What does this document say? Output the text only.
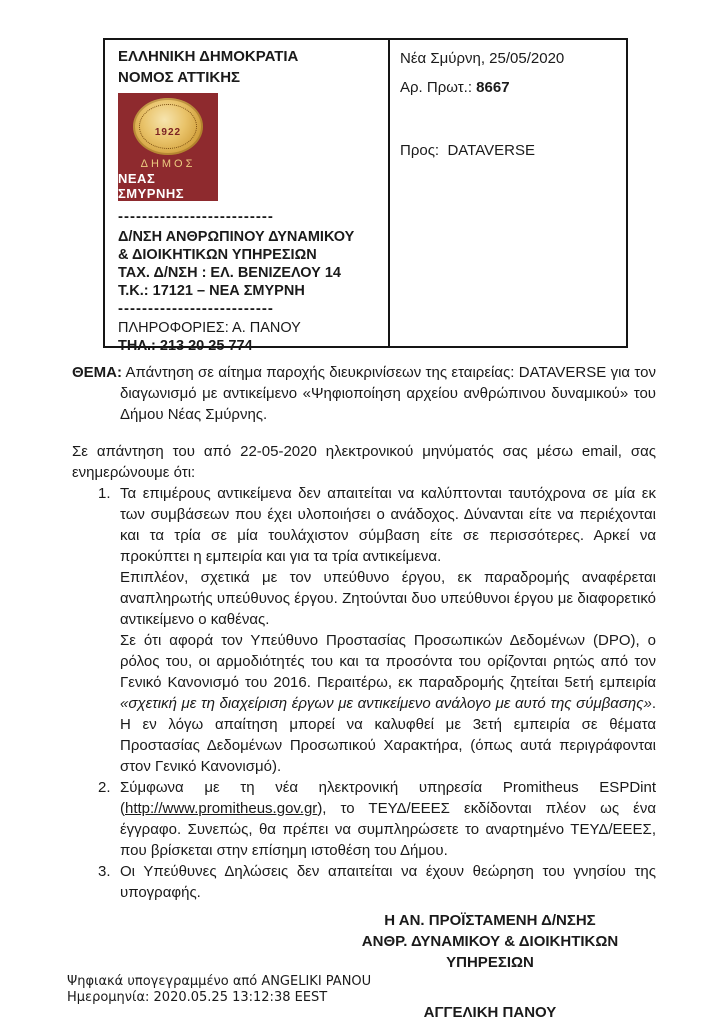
ΕΛΛΗΝΙΚΗ ΔΗΜΟΚΡΑΤΙΑ
ΝΟΜΟΣ ΑΤΤΙΚΗΣ
1922
ΔΗΜΟΣ
ΝΕΑΣ ΣΜΥΡΝΗΣ
--------------------------
Δ/ΝΣΗ ΑΝΘΡΩΠΙΝΟΥ ΔΥΝΑΜΙΚΟΥ
& ΔΙΟΙΚΗΤΙΚΩΝ ΥΠΗΡΕΣΙΩΝ
ΤΑΧ. Δ/ΝΣΗ : ΕΛ. ΒΕΝΙΖΕΛΟΥ 14
Τ.Κ.: 17121 – ΝΕΑ ΣΜΥΡΝΗ
--------------------------
ΠΛΗΡΟΦΟΡΙΕΣ: Α. ΠΑΝΟΥ
ΤΗΛ.: 213 20 25 774
Νέα Σμύρνη, 25/05/2020
Αρ. Πρωτ.: 8667
Προς: DATAVERSE

ΘΕΜΑ: Απάντηση σε αίτημα παροχής διευκρινίσεων της εταιρείας: DATAVERSE για τον διαγωνισμό με αντικείμενο «Ψηφιοποίηση αρχείου ανθρώπινου δυναμικού» του Δήμου Νέας Σμύρνης.

Σε απάντηση του από 22-05-2020 ηλεκτρονικού μηνύματός σας μέσω email, σας ενημερώνουμε ότι:

1. Τα επιμέρους αντικείμενα δεν απαιτείται να καλύπτονται ταυτόχρονα σε μία εκ των συμβάσεων που έχει υλοποιήσει ο ανάδοχος. Δύνανται είτε να περιέχονται και τα τρία σε μία τουλάχιστον σύμβαση είτε σε περισσότερες. Αρκεί να προκύπτει η εμπειρία και για τα τρία αντικείμενα.

Επιπλέον, σχετικά με τον υπεύθυνο έργου, εκ παραδρομής αναφέρεται αναπληρωτής υπεύθυνος έργου. Ζητούνται δυο υπεύθυνοι έργου με διαφορετικό αντικείμενο ο καθένας.

Σε ότι αφορά τον Υπεύθυνο Προστασίας Προσωπικών Δεδομένων (DPO), ο ρόλος του, οι αρμοδιότητές του και τα προσόντα του ορίζονται ρητώς από τον Γενικό Κανονισμό του 2016. Περαιτέρω, εκ παραδρομής ζητείται 5ετή εμπειρία «σχετική με τη διαχείριση έργων με αντικείμενο ανάλογο με αυτό της σύμβασης». Η εν λόγω απαίτηση μπορεί να καλυφθεί με 3ετή εμπειρία σε θέματα Προστασίας Δεδομένων Προσωπικού Χαρακτήρα, (όπως αυτά περιγράφονται στον Γενικό Κανονισμό).

2. Σύμφωνα με τη νέα ηλεκτρονική υπηρεσία Promitheus ESPDint (http://www.promitheus.gov.gr), το ΤΕΥΔ/ΕΕΕΣ εκδίδονται πλέον ως ένα έγγραφο. Συνεπώς, θα πρέπει να συμπληρώσετε το αναρτημένο ΤΕΥΔ/ΕΕΕΣ, που βρίσκεται στην επίσημη ιστοθέση του Δήμου.

3. Οι Υπεύθυνες Δηλώσεις δεν απαιτείται να έχουν θεώρηση του γνησίου της υπογραφής.

Η ΑΝ. ΠΡΟΪΣΤΑΜΕΝΗ Δ/ΝΣΗΣ
ΑΝΘΡ. ΔΥΝΑΜΙΚΟΥ & ΔΙΟΙΚΗΤΙΚΩΝ
ΥΠΗΡΕΣΙΩΝ
ΑΓΓΕΛΙΚΗ ΠΑΝΟΥ
Ψηφιακά υπογεγραμμένο από ANGELIKI PANOU
Ημερομηνία: 2020.05.25 13:12:38 EEST
